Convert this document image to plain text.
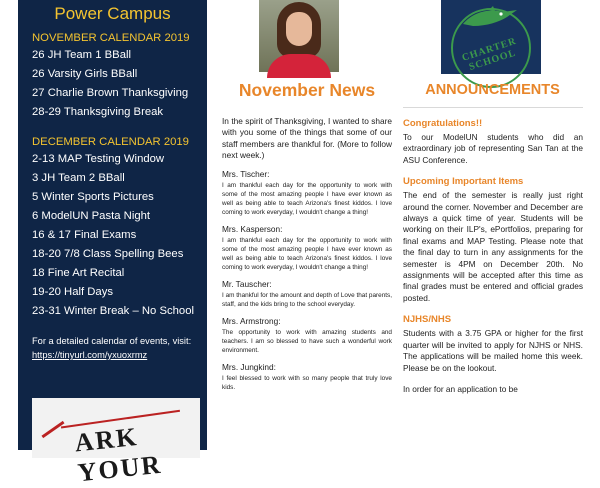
Power Campus
NOVEMBER CALENDAR 2019
26 JH Team 1 BBall
26 Varsity Girls BBall
27 Charlie Brown Thanksgiving
28-29 Thanksgiving Break
DECEMBER CALENDAR 2019
2-13 MAP Testing Window
3 JH Team 2 BBall
5 Winter Sports Pictures
6 ModelUN Pasta Night
16 & 17 Final Exams
18-20 7/8 Class Spelling Bees
18 Fine Art Recital
19-20 Half Days
23-31 Winter Break – No School
For a detailed calendar of events, visit:
https://tinyurl.com/yxuoxrmz
ARK YOUR
November News

In the spirit of Thanksgiving, I wanted to share with you some of the things that some of our staff members are thankful for. (More to follow next week.)

Mrs. Tischer:

I am thankful each day for the opportunity to work with some of the most amazing people I have ever known as well as being able to teach Arizona's finest kiddos. I love coming to work everyday, I wouldn't change a thing!

Mrs. Kasperson:

I am thankful each day for the opportunity to work with some of the most amazing people I have ever known as well as being able to teach Arizona's finest kiddos. I love coming to work everyday, I wouldn't change a thing!

Mr. Tauscher:

I am thankful for the amount and depth of Love that parents, staff, and the kids bring to the school everyday.

Mrs. Armstrong:

The opportunity to work with amazing students and teachers. I am so blessed to have such a wonderful work environment.

Mrs. Jungkind:

I feel blessed to work with so many people that truly love kids.

CHARTER SCHOOL
ANNOUNCEMENTS
Congratulations!!

To our ModelUN students who did an extraordinary job of representing San Tan at the ASU Conference.

Upcoming Important Items

The end of the semester is really just right around the corner. November and December are always a quick time of year. Students will be working on their ILP's, ePortfolios, preparing for final exams and MAP Testing. Please note that the final day to turn in any assignments for the semester is 4PM on December 20th. No assignments will be accepted after this time as final grades must be entered and official grades posted.

NJHS/NHS

Students with a 3.75 GPA or higher for the first quarter will be invited to apply for NJHS or NHS. The applications will be mailed home this week. Please be on the lookout.

In order for an application to be
